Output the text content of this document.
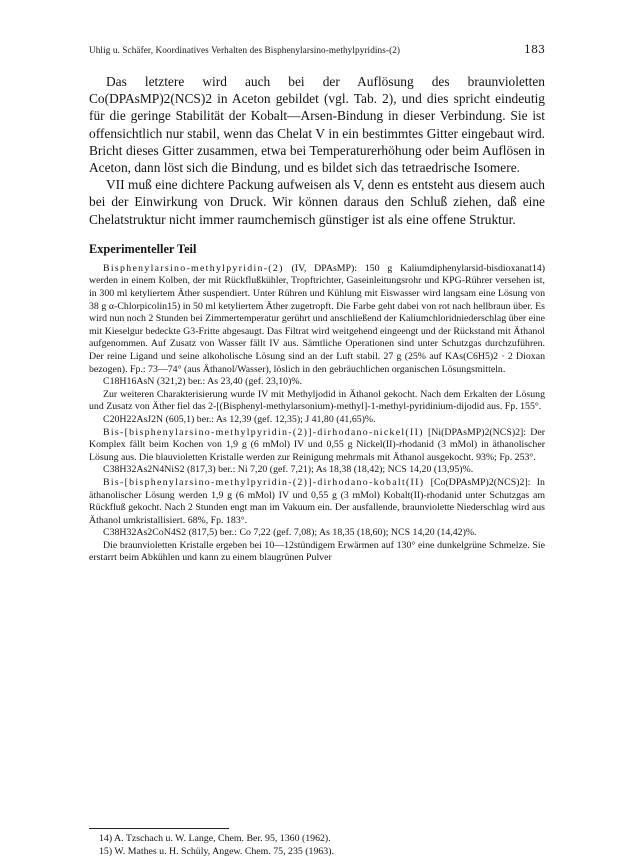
Uhlig u. Schäfer, Koordinatives Verhalten des Bisphenylarsino-methylpyridins-(2)	183

Das letztere wird auch bei der Auflösung des braunvioletten Co(DPAsMP)2(NCS)2 in Aceton gebildet (vgl. Tab. 2), und dies spricht eindeutig für die geringe Stabilität der Kobalt—Arsen-Bindung in dieser Verbindung. Sie ist offensichtlich nur stabil, wenn das Chelat V in ein bestimmtes Gitter eingebaut wird. Bricht dieses Gitter zusammen, etwa bei Temperaturerhöhung oder beim Auflösen in Aceton, dann löst sich die Bindung, und es bildet sich das tetraedrische Isomere.

VII muß eine dichtere Packung aufweisen als V, denn es entsteht aus diesem auch bei der Einwirkung von Druck. Wir können daraus den Schluß ziehen, daß eine Chelatstruktur nicht immer raumchemisch günstiger ist als eine offene Struktur.

Experimenteller Teil

Bisphenylarsino-methylpyridin-(2) (IV, DPAsMP): 150 g Kaliumdiphenylarsid-bisdioxanat14) werden in einem Kolben, der mit Rückflußkühler, Tropftrichter, Gaseinleitungsrohr und KPG-Rührer versehen ist, in 300 ml ketyliertem Äther suspendiert. Unter Rühren und Kühlung mit Eiswasser wird langsam eine Lösung von 38 g α-Chlorpicolin15) in 50 ml ketyliertem Äther zugetropft. Die Farbe geht dabei von rot nach hellbraun über. Es wird nun noch 2 Stunden bei Zimmertemperatur gerührt und anschließend der Kaliumchloridniederschlag über eine mit Kieselgur bedeckte G3-Fritte abgesaugt. Das Filtrat wird weitgehend eingeengt und der Rückstand mit Äthanol aufgenommen. Auf Zusatz von Wasser fällt IV aus. Sämtliche Operationen sind unter Schutzgas durchzuführen. Der reine Ligand und seine alkoholische Lösung sind an der Luft stabil. 27 g (25% auf KAs(C6H5)2 · 2 Dioxan bezogen). Fp.: 73—74° (aus Äthanol/Wasser), löslich in den gebräuchlichen organischen Lösungsmitteln.

C18H16AsN (321,2) ber.: As 23,40 (gef. 23,10)%.

Zur weiteren Charakterisierung wurde IV mit Methyljodid in Äthanol gekocht. Nach dem Erkalten der Lösung und Zusatz von Äther fiel das 2-[(Bisphenyl-methylarsonium)-methyl]-1-methyl-pyridinium-dijodid aus. Fp. 155°.

C20H22AsJ2N (605,1) ber.: As 12,39 (gef. 12,35); J 41,80 (41,65)%.

Bis-[bisphenylarsino-methylpyridin-(2)]-dirhodano-nickel(II) [Ni(DPAsMP)2(NCS)2]: Der Komplex fällt beim Kochen von 1,9 g (6 mMol) IV und 0,55 g Nickel(II)-rhodanid (3 mMol) in äthanolischer Lösung aus. Die blauvioletten Kristalle werden zur Reinigung mehrmals mit Äthanol ausgekocht. 93%; Fp. 253°.

C38H32As2N4NiS2 (817,3) ber.: Ni 7,20 (gef. 7,21); As 18,38 (18,42); NCS 14,20 (13,95)%.

Bis-[bisphenylarsino-methylpyridin-(2)]-dirhodano-kobalt(II) [Co(DPAsMP)2(NCS)2]: In äthanolischer Lösung werden 1,9 g (6 mMol) IV und 0,55 g (3 mMol) Kobalt(II)-rhodanid unter Schutzgas am Rückfluß gekocht. Nach 2 Stunden engt man im Vakuum ein. Der ausfallende, braunviolette Niederschlag wird aus Äthanol umkristallisiert. 68%, Fp. 183°.

C38H32As2CoN4S2 (817,5) ber.: Co 7,22 (gef. 7,08); As 18,35 (18,60); NCS 14,20 (14,42)%.

Die braunvioletten Kristalle ergeben bei 10—12stündigem Erwärmen auf 130° eine dunkelgrüne Schmelze. Sie erstarrt beim Abkühlen und kann zu einem blaugrünen Pulver

14) A. Tzschach u. W. Lange, Chem. Ber. 95, 1360 (1962).
15) W. Mathes u. H. Schüly, Angew. Chem. 75, 235 (1963).
